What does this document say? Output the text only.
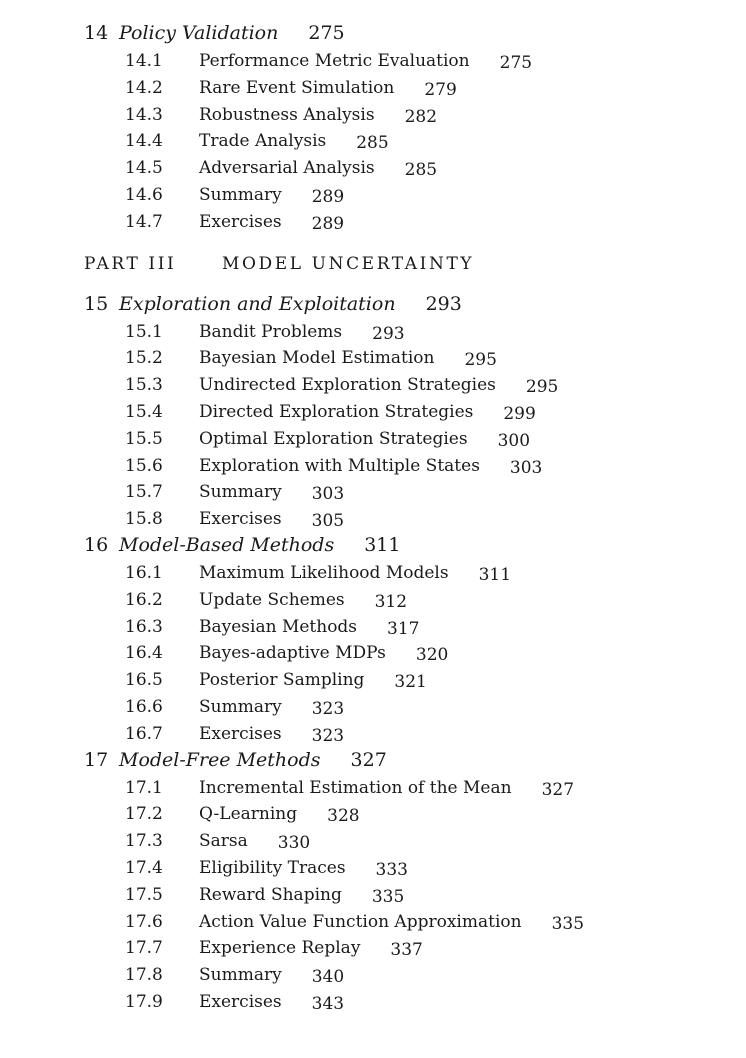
14 Policy Validation 275
14.1 Performance Metric Evaluation 275
14.2 Rare Event Simulation 279
14.3 Robustness Analysis 282
14.4 Trade Analysis 285
14.5 Adversarial Analysis 285
14.6 Summary 289
14.7 Exercises 289
PART III	MODEL UNCERTAINTY
15 Exploration and Exploitation 293
15.1 Bandit Problems 293
15.2 Bayesian Model Estimation 295
15.3 Undirected Exploration Strategies 295
15.4 Directed Exploration Strategies 299
15.5 Optimal Exploration Strategies 300
15.6 Exploration with Multiple States 303
15.7 Summary 303
15.8 Exercises 305
16 Model-Based Methods 311
16.1 Maximum Likelihood Models 311
16.2 Update Schemes 312
16.3 Bayesian Methods 317
16.4 Bayes-adaptive MDPs 320
16.5 Posterior Sampling 321
16.6 Summary 323
16.7 Exercises 323
17 Model-Free Methods 327
17.1 Incremental Estimation of the Mean 327
17.2 Q-Learning 328
17.3 Sarsa 330
17.4 Eligibility Traces 333
17.5 Reward Shaping 335
17.6 Action Value Function Approximation 335
17.7 Experience Replay 337
17.8 Summary 340
17.9 Exercises 343
